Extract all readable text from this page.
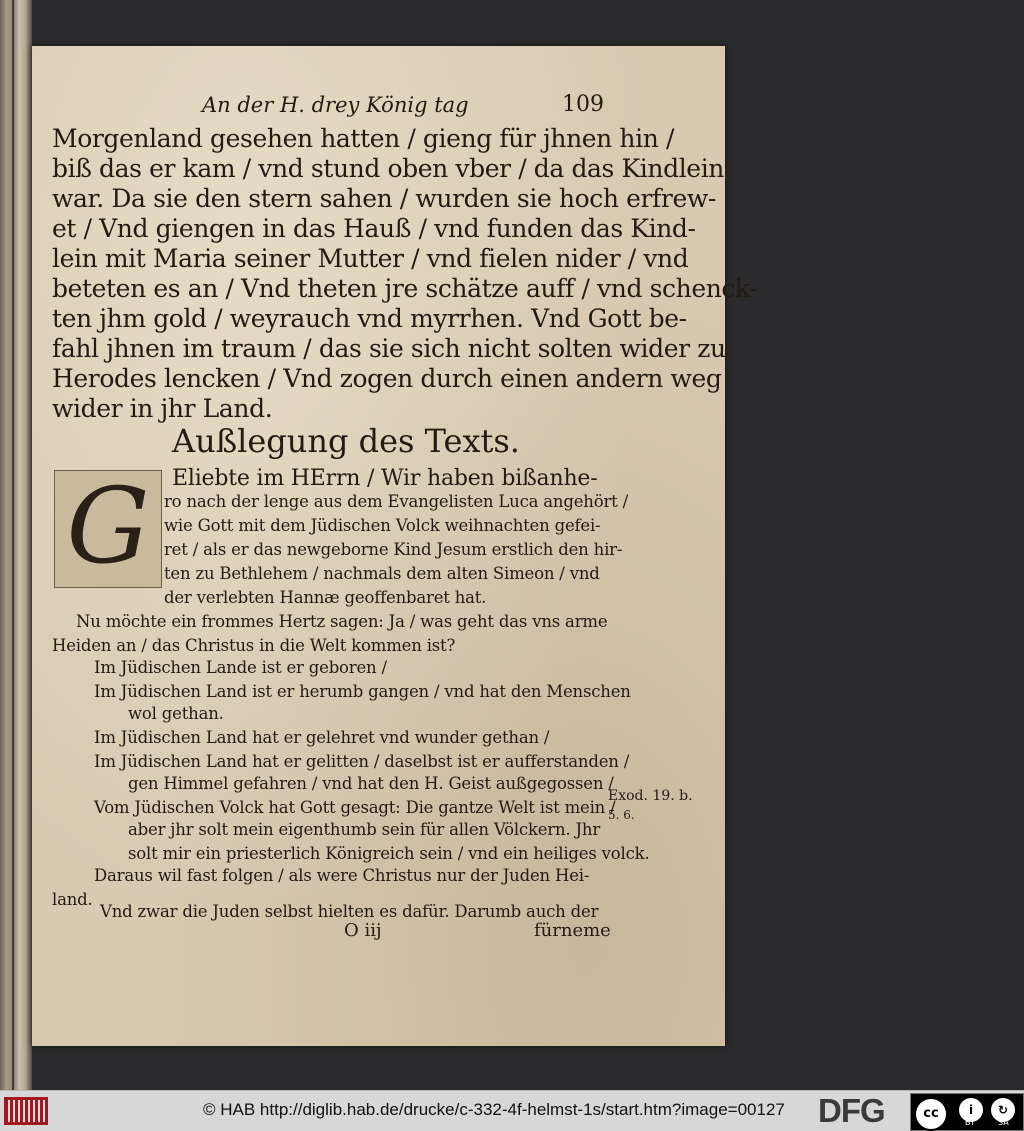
An der H. drey König tag	109
Morgenland gesehen hatten / gieng für jhnen hin /
biß das er kam / vnd stund oben vber / da das Kindlein
war. Da sie den stern sahen / wurden sie hoch erfrew-
et / Vnd giengen in das Hauß / vnd funden das Kind-
lein mit Maria seiner Mutter / vnd fielen nider / vnd
beteten es an / Vnd theten jre schätze auff / vnd schenck-
ten jhm gold / weyrauch vnd myrrhen. Vnd Gott be-
fahl jhnen im traum / das sie sich nicht solten wider zu
Herodes lencken / Vnd zogen durch einen andern weg
wider in jhr Land.
Außlegung des Texts.
G	Eliebte im HErrn / Wir haben bißanhe-
ro nach der lenge aus dem Evangelisten Luca angehört /
wie Gott mit dem Jüdischen Volck weihnachten gefei-
ret / als er das newgeborne Kind Jesum erstlich den hir-
ten zu Bethlehem / nachmals dem alten Simeon / vnd
der verlebten Hannæ geoffenbaret hat.
Nu möchte ein frommes Hertz sagen: Ja / was geht das vns arme
Heiden an / das Christus in die Welt kommen ist?
Im Jüdischen Lande ist er geboren /
Im Jüdischen Land ist er herumb gangen / vnd hat den Menschen
wol gethan.
Im Jüdischen Land hat er gelehret vnd wunder gethan /
Im Jüdischen Land hat er gelitten / daselbst ist er aufferstanden /
gen Himmel gefahren / vnd hat den H. Geist außgegossen /
Vom Jüdischen Volck hat Gott gesagt: Die gantze Welt ist mein /
aber jhr solt mein eigenthumb sein für allen Völckern. Jhr
solt mir ein priesterlich Königreich sein / vnd ein heiliges volck.
Daraus wil fast folgen / als were Christus nur der Juden Hei-
land.
Vnd zwar die Juden selbst hielten es dafür. Darumb auch der
Exod. 19. b.
5. 6.
O iij	fürneme
© HAB http://diglib.hab.de/drucke/c-332-4f-helmst-1s/start.htm?image=00127 DFG	cc	i	↻
BY	SA
